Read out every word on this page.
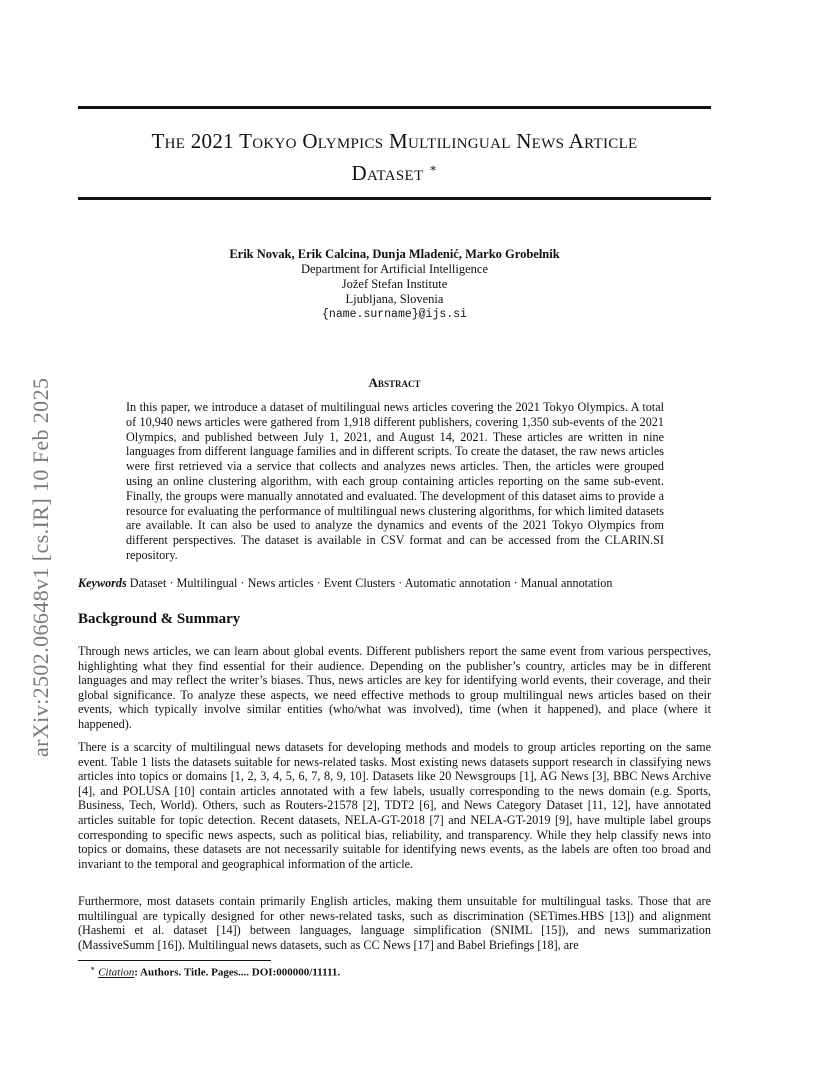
arXiv:2502.06648v1 [cs.IR] 10 Feb 2025
The 2021 Tokyo Olympics Multilingual News Article
Dataset ∗
Erik Novak, Erik Calcina, Dunja Mladenić, Marko Grobelnik
Department for Artificial Intelligence
Jožef Stefan Institute
Ljubljana, Slovenia
{name.surname}@ijs.si
Abstract
In this paper, we introduce a dataset of multilingual news articles covering the 2021 Tokyo Olympics. A total of 10,940 news articles were gathered from 1,918 different publishers, covering 1,350 sub-events of the 2021 Olympics, and published between July 1, 2021, and August 14, 2021. These articles are written in nine languages from different language families and in different scripts. To create the dataset, the raw news articles were first retrieved via a service that collects and analyzes news articles. Then, the articles were grouped using an online clustering algorithm, with each group containing articles reporting on the same sub-event. Finally, the groups were manually annotated and evaluated. The development of this dataset aims to provide a resource for evaluating the performance of multilingual news clustering algorithms, for which limited datasets are available. It can also be used to analyze the dynamics and events of the 2021 Tokyo Olympics from different perspectives. The dataset is available in CSV format and can be accessed from the CLARIN.SI repository.
Keywords Dataset · Multilingual · News articles · Event Clusters · Automatic annotation · Manual annotation
Background & Summary

Through news articles, we can learn about global events. Different publishers report the same event from various perspectives, highlighting what they find essential for their audience. Depending on the publisher’s country, articles may be in different languages and may reflect the writer’s biases. Thus, news articles are key for identifying world events, their coverage, and their global significance. To analyze these aspects, we need effective methods to group multilingual news articles based on their events, which typically involve similar entities (who/what was involved), time (when it happened), and place (where it happened).

There is a scarcity of multilingual news datasets for developing methods and models to group articles reporting on the same event. Table 1 lists the datasets suitable for news-related tasks. Most existing news datasets support research in classifying news articles into topics or domains [1, 2, 3, 4, 5, 6, 7, 8, 9, 10]. Datasets like 20 Newsgroups [1], AG News [3], BBC News Archive [4], and POLUSA [10] contain articles annotated with a few labels, usually corresponding to the news domain (e.g. Sports, Business, Tech, World). Others, such as Routers-21578 [2], TDT2 [6], and News Category Dataset [11, 12], have annotated articles suitable for topic detection. Recent datasets, NELA-GT-2018 [7] and NELA-GT-2019 [9], have multiple label groups corresponding to specific news aspects, such as political bias, reliability, and transparency. While they help classify news into topics or domains, these datasets are not necessarily suitable for identifying news events, as the labels are often too broad and invariant to the temporal and geographical information of the article.

Furthermore, most datasets contain primarily English articles, making them unsuitable for multilingual tasks. Those that are multilingual are typically designed for other news-related tasks, such as discrimination (SETimes.HBS [13]) and alignment (Hashemi et al. dataset [14]) between languages, language simplification (SNIML [15]), and news summarization (MassiveSumm [16]). Multilingual news datasets, such as CC News [17] and Babel Briefings [18], are

∗ Citation: Authors. Title. Pages.... DOI:000000/11111.
